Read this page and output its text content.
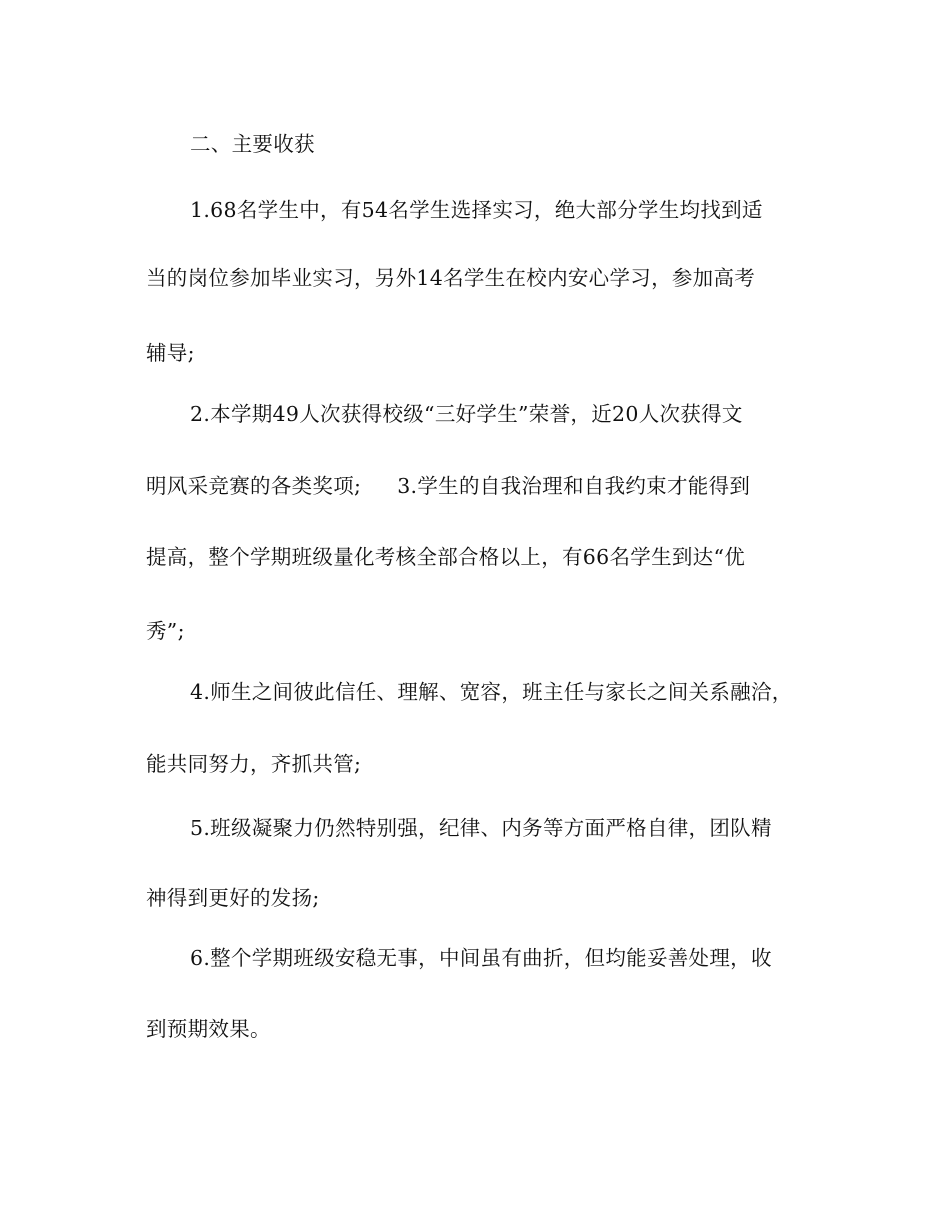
二、主要收获
1.68名学生中，有54名学生选择实习，绝大部分学生均找到适
当的岗位参加毕业实习，另外14名学生在校内安心学习，参加高考
辅导;
2.本学期49人次获得校级“三好学生”荣誉，近20人次获得文
明风采竞赛的各类奖项; 3.学生的自我治理和自我约束才能得到
提高，整个学期班级量化考核全部合格以上，有66名学生到达“优
秀”;
4.师生之间彼此信任、理解、宽容，班主任与家长之间关系融洽，
能共同努力，齐抓共管;
5.班级凝聚力仍然特别强，纪律、内务等方面严格自律，团队精
神得到更好的发扬;
6.整个学期班级安稳无事，中间虽有曲折，但均能妥善处理，收
到预期效果。
